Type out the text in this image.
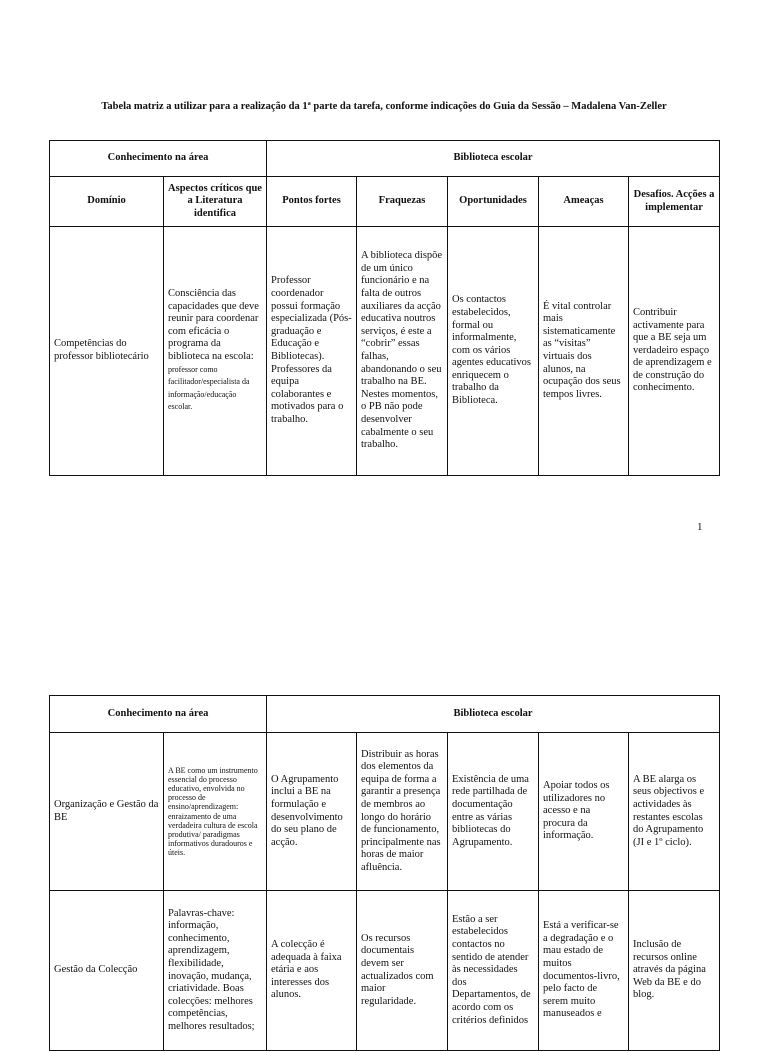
Tabela matriz a utilizar para a realização da 1ª parte da tarefa, conforme indicações do Guia da Sessão – Madalena Van-Zeller
Conhecimento na área		Biblioteca escolar				
Domínio	Aspectos críticos que a Literatura identifica	Pontos fortes	Fraquezas	Oportunidades	Ameaças	Desafios. Acções a implementar
Competências do professor bibliotecário	Consciência das capacidades que deve reunir para coordenar com eficácia o programa da biblioteca na escola: professor como facilitador/especialista da informação/educação escolar.	Professor coordenador possui formação especializada (Pós-graduação e Educação e Bibliotecas). Professores da equipa colaborantes e motivados para o trabalho.	A biblioteca dispõe de um único funcionário e na falta de outros auxiliares da acção educativa noutros serviços, é este a “cobrir” essas falhas, abandonando o seu trabalho na BE. Nestes momentos, o PB não pode desenvolver cabalmente o seu trabalho.	Os contactos estabelecidos, formal ou informalmente, com os vários agentes educativos enriquecem o trabalho da Biblioteca.	É vital controlar mais sistematicamente as “visitas” virtuais dos alunos, na ocupação dos seus tempos livres.	Contribuir activamente para que a BE seja um verdadeiro espaço de aprendizagem e de construção do conhecimento.
1
Conhecimento na área		Biblioteca escolar				
Organização e Gestão da BE	A BE como um instrumento essencial do processo educativo, envolvida no processo de ensino/aprendizagem: enraizamento de uma verdadeira cultura de escola produtiva/ paradigmas informativos duradouros e úteis.	O Agrupamento inclui a BE na formulação e desenvolvimento do seu plano de acção.	Distribuir as horas dos elementos da equipa de forma a garantir a presença de membros ao longo do horário de funcionamento, principalmente nas horas de maior afluência.	Existência de uma rede partilhada de documentação entre as várias bibliotecas do Agrupamento.	Apoiar todos os utilizadores no acesso e na procura da informação.	A BE alarga os seus objectivos e actividades às restantes escolas do Agrupamento (JI e 1º ciclo).
Gestão da Colecção	Palavras-chave: informação, conhecimento, aprendizagem, flexibilidade, inovação, mudança, criatividade. Boas colecções: melhores competências, melhores resultados;	A colecção é adequada à faixa etária e aos interesses dos alunos.	Os recursos documentais devem ser actualizados com maior regularidade.	Estão a ser estabelecidos contactos no sentido de atender às necessidades dos Departamentos, de acordo com os critérios definidos	Está a verificar-se a degradação e o mau estado de muitos documentos-livro, pelo facto de serem muito manuseados e	Inclusão de recursos online através da página Web da BE e do blog.
